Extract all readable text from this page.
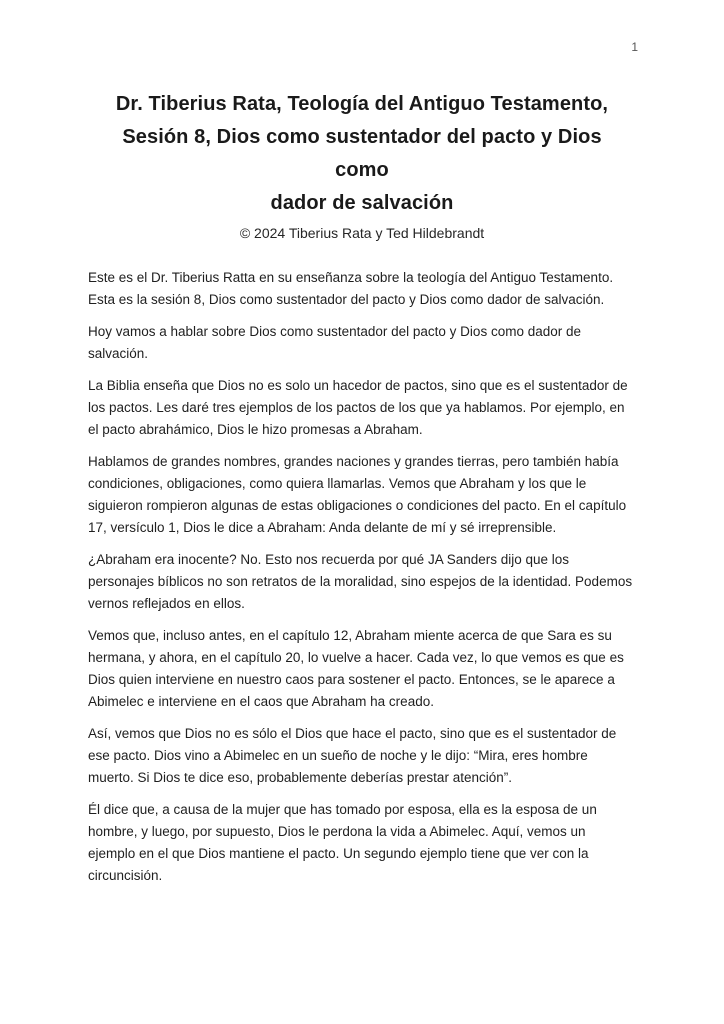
1
Dr. Tiberius Rata, Teología del Antiguo Testamento,
Sesión 8, Dios como sustentador del pacto y Dios
como
dador de salvación
© 2024 Tiberius Rata y Ted Hildebrandt

Este es el Dr. Tiberius Ratta en su enseñanza sobre la teología del Antiguo Testamento. Esta es la sesión 8, Dios como sustentador del pacto y Dios como dador de salvación.

Hoy vamos a hablar sobre Dios como sustentador del pacto y Dios como dador de salvación.

La Biblia enseña que Dios no es solo un hacedor de pactos, sino que es el sustentador de los pactos. Les daré tres ejemplos de los pactos de los que ya hablamos. Por ejemplo, en el pacto abrahámico, Dios le hizo promesas a Abraham.

Hablamos de grandes nombres, grandes naciones y grandes tierras, pero también había condiciones, obligaciones, como quiera llamarlas. Vemos que Abraham y los que le siguieron rompieron algunas de estas obligaciones o condiciones del pacto. En el capítulo 17, versículo 1, Dios le dice a Abraham: Anda delante de mí y sé irreprensible.

¿Abraham era inocente? No. Esto nos recuerda por qué JA Sanders dijo que los personajes bíblicos no son retratos de la moralidad, sino espejos de la identidad. Podemos vernos reflejados en ellos.

Vemos que, incluso antes, en el capítulo 12, Abraham miente acerca de que Sara es su hermana, y ahora, en el capítulo 20, lo vuelve a hacer. Cada vez, lo que vemos es que es Dios quien interviene en nuestro caos para sostener el pacto. Entonces, se le aparece a Abimelec e interviene en el caos que Abraham ha creado.

Así, vemos que Dios no es sólo el Dios que hace el pacto, sino que es el sustentador de ese pacto. Dios vino a Abimelec en un sueño de noche y le dijo: “Mira, eres hombre muerto. Si Dios te dice eso, probablemente deberías prestar atención”.

Él dice que, a causa de la mujer que has tomado por esposa, ella es la esposa de un hombre, y luego, por supuesto, Dios le perdona la vida a Abimelec. Aquí, vemos un ejemplo en el que Dios mantiene el pacto. Un segundo ejemplo tiene que ver con la circuncisión.
